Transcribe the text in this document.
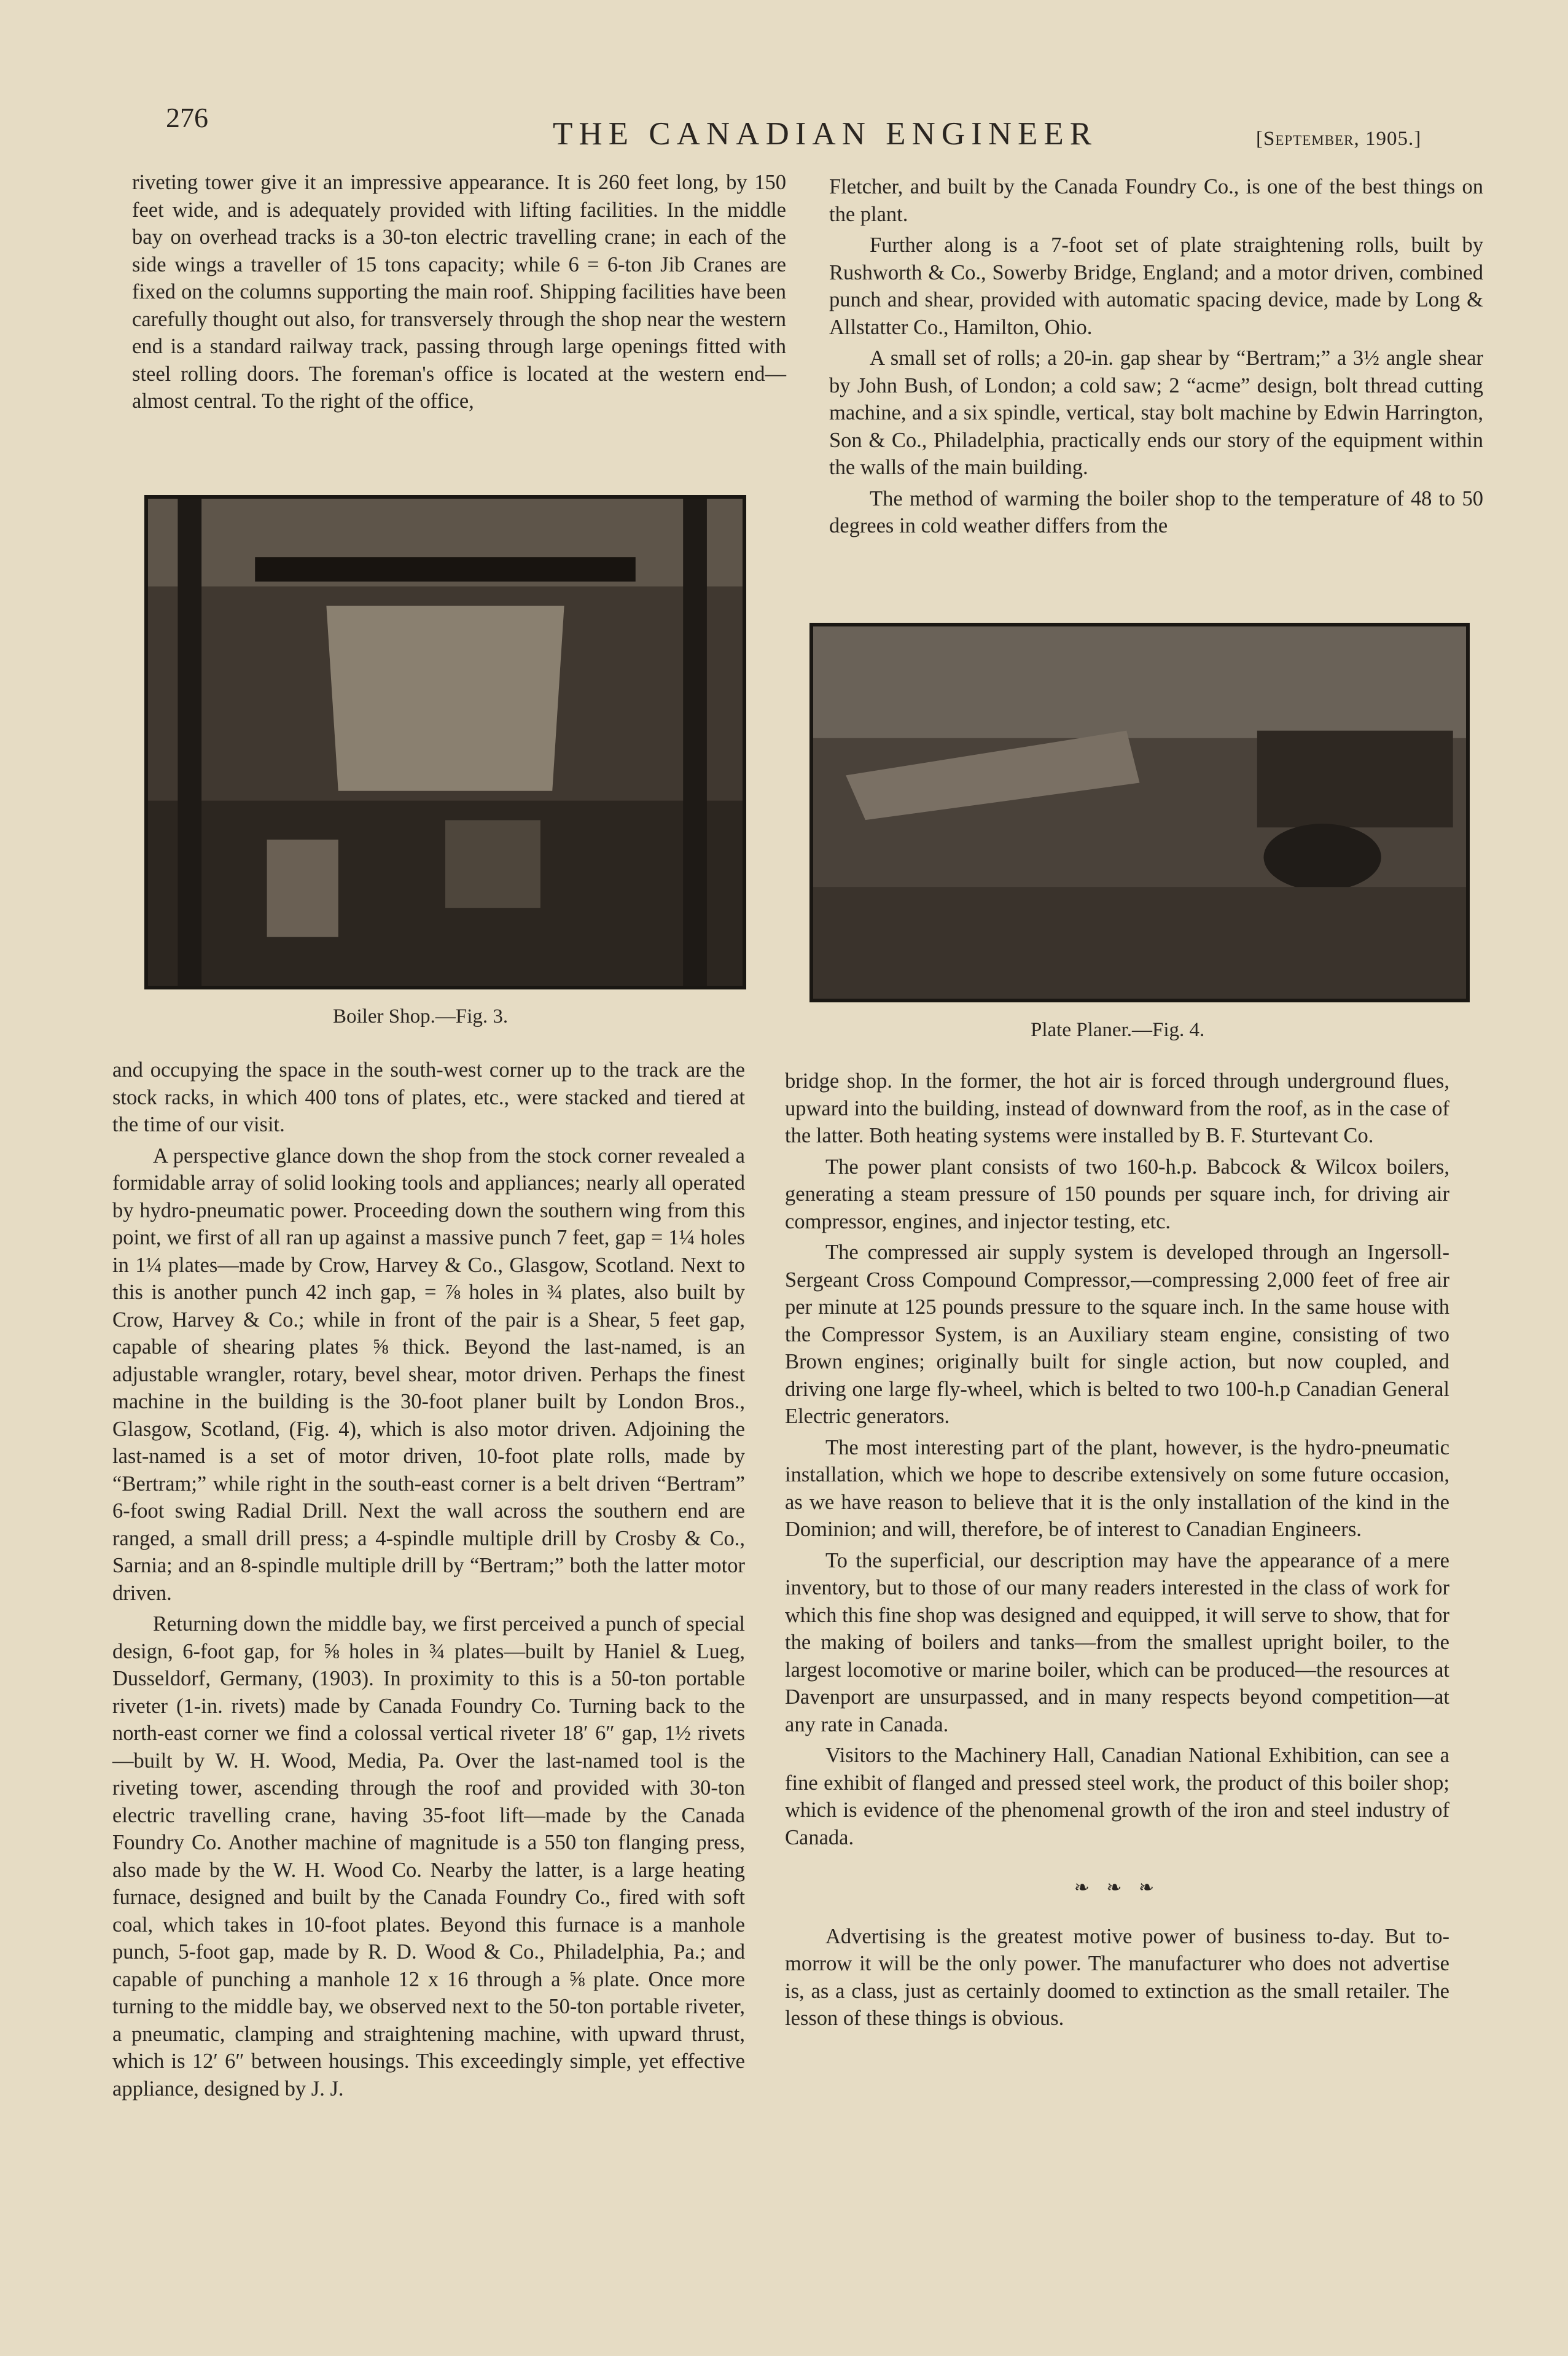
276	THE CANADIAN ENGINEER	[September, 1905.]

riveting tower give it an impressive appearance. It is 260 feet long, by 150 feet wide, and is adequately provided with lifting facilities. In the middle bay on overhead tracks is a 30-ton electric travelling crane; in each of the side wings a traveller of 15 tons capacity; while 6 = 6-ton Jib Cranes are fixed on the columns supporting the main roof. Shipping facilities have been carefully thought out also, for transversely through the shop near the western end is a standard railway track, passing through large openings fitted with steel rolling doors. The foreman's office is located at the western end—almost central. To the right of the office,

Fletcher, and built by the Canada Foundry Co., is one of the best things on the plant.

Further along is a 7-foot set of plate straightening rolls, built by Rushworth & Co., Sowerby Bridge, England; and a motor driven, combined punch and shear, provided with automatic spacing device, made by Long & Allstatter Co., Hamilton, Ohio.

A small set of rolls; a 20-in. gap shear by “Bertram;” a 3½ angle shear by John Bush, of London; a cold saw; 2 “acme” design, bolt thread cutting machine, and a six spindle, vertical, stay bolt machine by Edwin Harrington, Son & Co., Philadelphia, practically ends our story of the equipment within the walls of the main building.

The method of warming the boiler shop to the temperature of 48 to 50 degrees in cold weather differs from the

Boiler Shop.—Fig. 3.
Plate Planer.—Fig. 4.

and occupying the space in the south-west corner up to the track are the stock racks, in which 400 tons of plates, etc., were stacked and tiered at the time of our visit.

A perspective glance down the shop from the stock corner revealed a formidable array of solid looking tools and appliances; nearly all operated by hydro-pneumatic power. Proceeding down the southern wing from this point, we first of all ran up against a massive punch 7 feet, gap = 1¼ holes in 1¼ plates—made by Crow, Harvey & Co., Glasgow, Scotland. Next to this is another punch 42 inch gap, = ⅞ holes in ¾ plates, also built by Crow, Harvey & Co.; while in front of the pair is a Shear, 5 feet gap, capable of shearing plates ⅝ thick. Beyond the last-named, is an adjustable wrangler, rotary, bevel shear, motor driven. Perhaps the finest machine in the building is the 30-foot planer built by London Bros., Glasgow, Scotland, (Fig. 4), which is also motor driven. Adjoining the last-named is a set of motor driven, 10-foot plate rolls, made by “Bertram;” while right in the south-east corner is a belt driven “Bertram” 6-foot swing Radial Drill. Next the wall across the southern end are ranged, a small drill press; a 4-spindle multiple drill by Crosby & Co., Sarnia; and an 8-spindle multiple drill by “Bertram;” both the latter motor driven.

Returning down the middle bay, we first perceived a punch of special design, 6-foot gap, for ⅝ holes in ¾ plates—built by Haniel & Lueg, Dusseldorf, Germany, (1903). In proximity to this is a 50-ton portable riveter (1-in. rivets) made by Canada Foundry Co. Turning back to the north-east corner we find a colossal vertical riveter 18′ 6″ gap, 1½ rivets—built by W. H. Wood, Media, Pa. Over the last-named tool is the riveting tower, ascending through the roof and provided with 30-ton electric travelling crane, having 35-foot lift—made by the Canada Foundry Co. Another machine of magnitude is a 550 ton flanging press, also made by the W. H. Wood Co. Nearby the latter, is a large heating furnace, designed and built by the Canada Foundry Co., fired with soft coal, which takes in 10-foot plates. Beyond this furnace is a manhole punch, 5-foot gap, made by R. D. Wood & Co., Philadelphia, Pa.; and capable of punching a manhole 12 x 16 through a ⅝ plate. Once more turning to the middle bay, we observed next to the 50-ton portable riveter, a pneumatic, clamping and straightening machine, with upward thrust, which is 12′ 6″ between housings. This exceedingly simple, yet effective appliance, designed by J. J.

bridge shop. In the former, the hot air is forced through underground flues, upward into the building, instead of downward from the roof, as in the case of the latter. Both heating systems were installed by B. F. Sturtevant Co.

The power plant consists of two 160-h.p. Babcock & Wilcox boilers, generating a steam pressure of 150 pounds per square inch, for driving air compressor, engines, and injector testing, etc.

The compressed air supply system is developed through an Ingersoll-Sergeant Cross Compound Compressor,—compressing 2,000 feet of free air per minute at 125 pounds pressure to the square inch. In the same house with the Compressor System, is an Auxiliary steam engine, consisting of two Brown engines; originally built for single action, but now coupled, and driving one large fly-wheel, which is belted to two 100-h.p Canadian General Electric generators.

The most interesting part of the plant, however, is the hydro-pneumatic installation, which we hope to describe extensively on some future occasion, as we have reason to believe that it is the only installation of the kind in the Dominion; and will, therefore, be of interest to Canadian Engineers.

To the superficial, our description may have the appearance of a mere inventory, but to those of our many readers interested in the class of work for which this fine shop was designed and equipped, it will serve to show, that for the making of boilers and tanks—from the smallest upright boiler, to the largest locomotive or marine boiler, which can be produced—the resources at Davenport are unsurpassed, and in many respects beyond competition—at any rate in Canada.

Visitors to the Machinery Hall, Canadian National Exhibition, can see a fine exhibit of flanged and pressed steel work, the product of this boiler shop; which is evidence of the phenomenal growth of the iron and steel industry of Canada.

❧ ❧ ❧

Advertising is the greatest motive power of business to-day. But to-morrow it will be the only power. The manufacturer who does not advertise is, as a class, just as certainly doomed to extinction as the small retailer. The lesson of these things is obvious.
